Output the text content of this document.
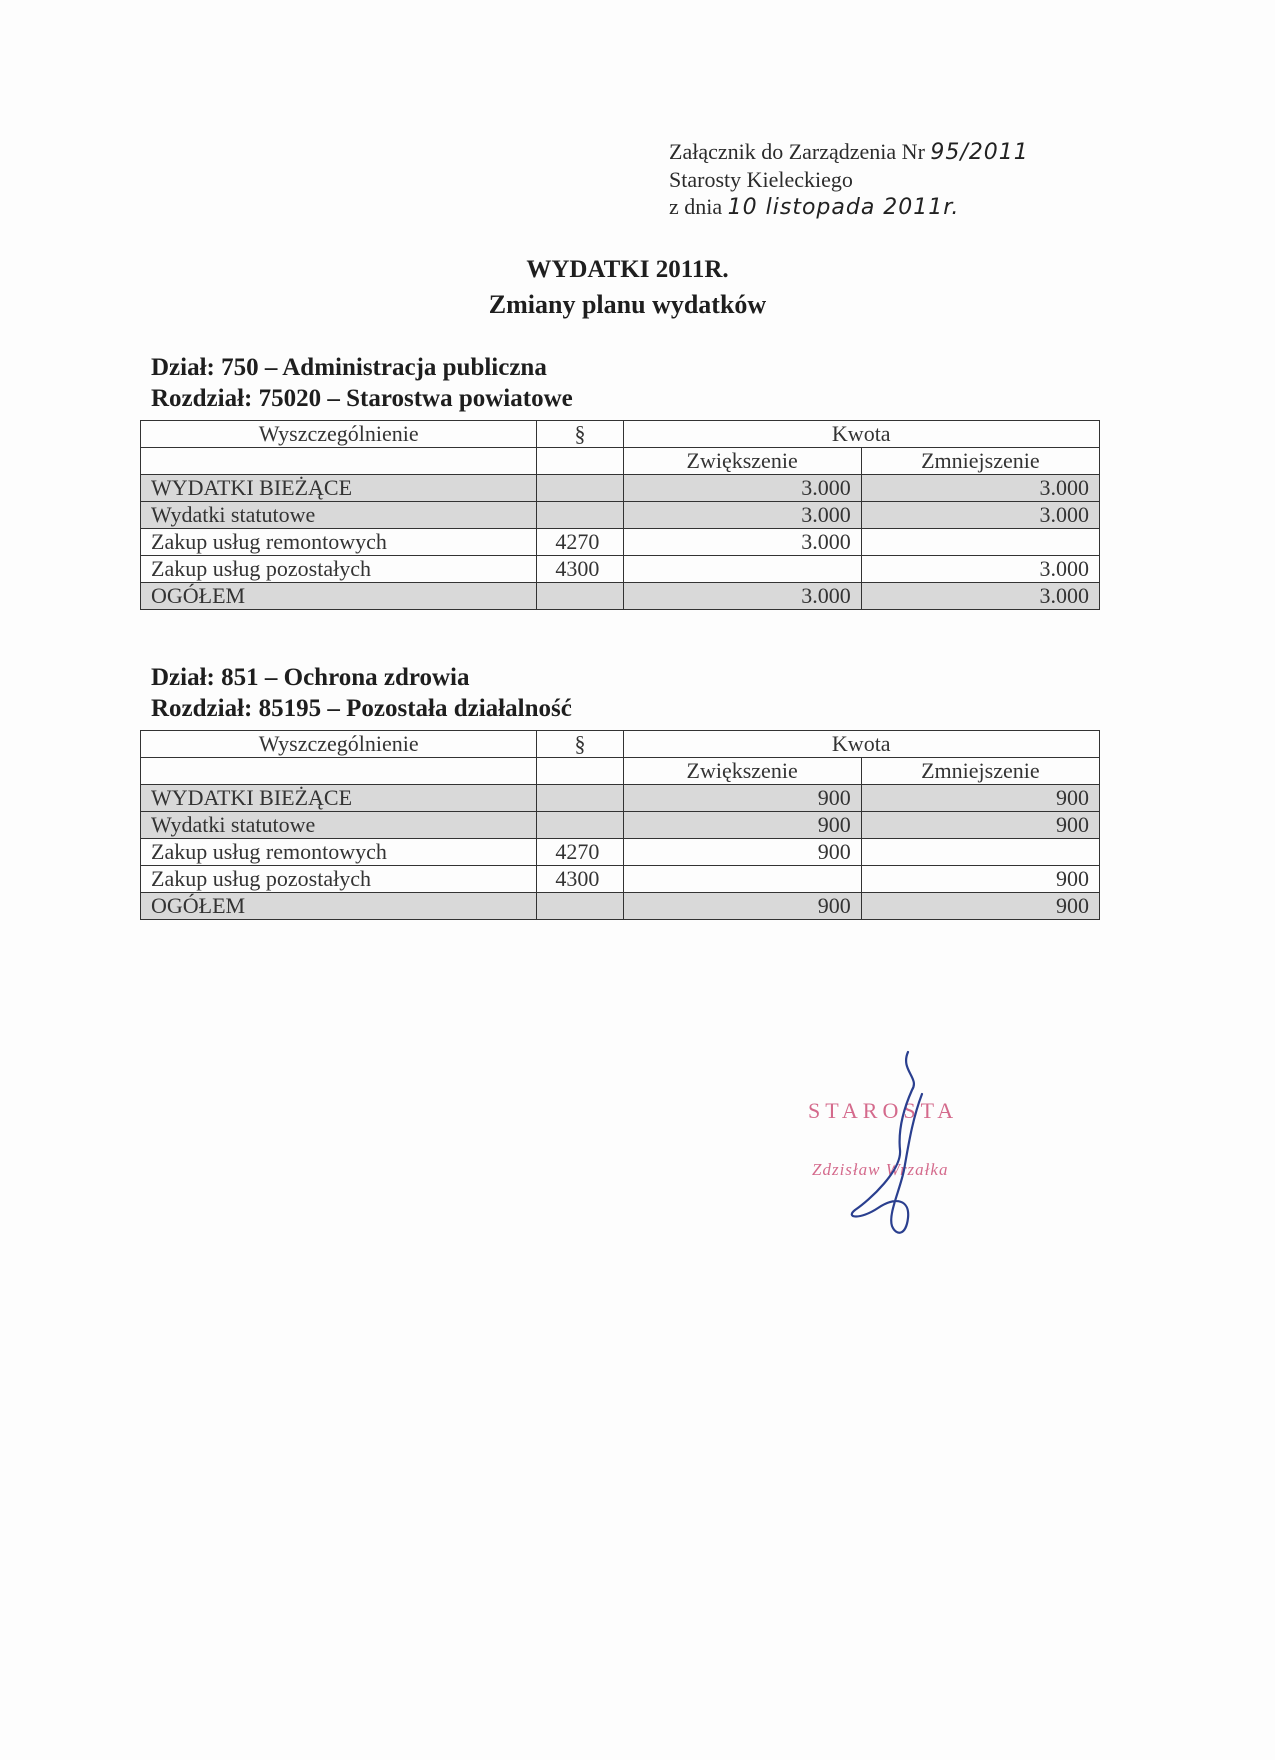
Załącznik do Zarządzenia Nr 95/2011
Starosty Kieleckiego
z dnia 10 listopada 2011r.
WYDATKI 2011R.
Zmiany planu wydatków
Dział: 750 – Administracja publiczna
Rozdział: 75020 – Starostwa powiatowe
Wyszczególnienie	§	Kwota	
		Zwiększenie	Zmniejszenie
WYDATKI BIEŻĄCE		3.000	3.000
Wydatki statutowe		3.000	3.000
Zakup usług remontowych	4270	3.000	
Zakup usług pozostałych	4300		3.000
OGÓŁEM		3.000	3.000
Dział: 851 – Ochrona zdrowia
Rozdział: 85195 – Pozostała działalność
Wyszczególnienie	§	Kwota	
		Zwiększenie	Zmniejszenie
WYDATKI BIEŻĄCE		900	900
Wydatki statutowe		900	900
Zakup usług remontowych	4270	900	
Zakup usług pozostałych	4300		900
OGÓŁEM		900	900
STAROSTA
Zdzisław Wrzałka
